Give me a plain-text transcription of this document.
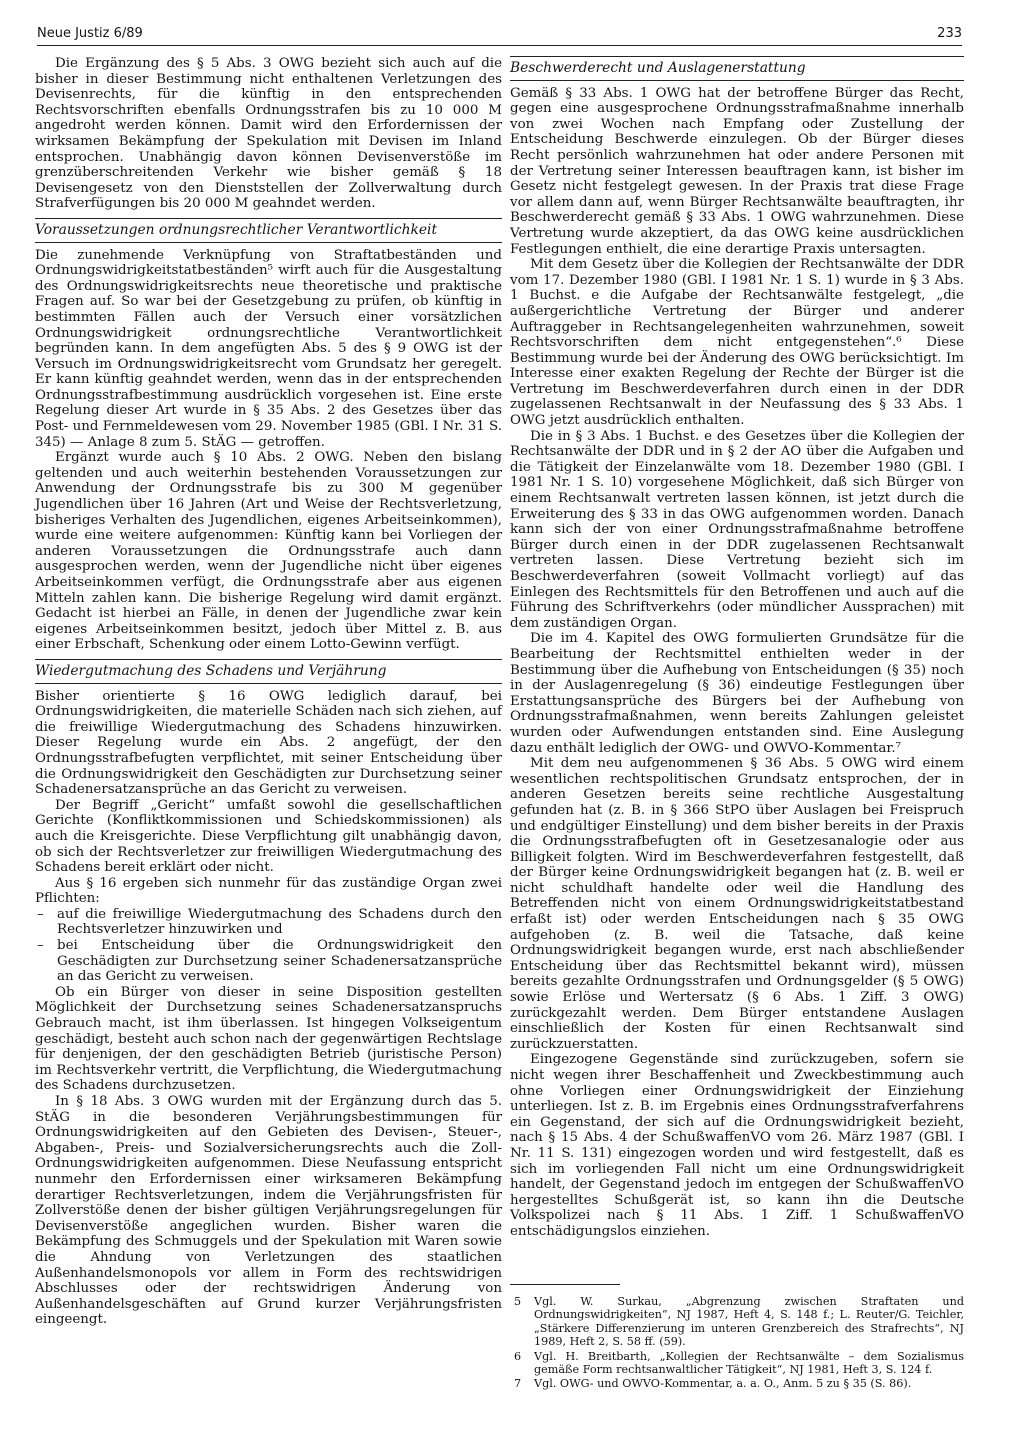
Neue Justiz 6/89	233

Die Ergänzung des § 5 Abs. 3 OWG bezieht sich auch auf die bisher in dieser Bestimmung nicht enthaltenen Verletzungen des Devisenrechts, für die künftig in den entsprechenden Rechtsvorschriften ebenfalls Ordnungsstrafen bis zu 10 000 M angedroht werden können. Damit wird den Erfordernissen der wirksamen Bekämpfung der Spekulation mit Devisen im Inland entsprochen. Unabhängig davon können Devisenverstöße im grenzüberschreitenden Verkehr wie bisher gemäß § 18 Devisengesetz von den Dienststellen der Zollverwaltung durch Strafverfügungen bis 20 000 M geahndet werden.

Voraussetzungen ordnungsrechtlicher Verantwortlichkeit

Die zunehmende Verknüpfung von Straftatbeständen und Ordnungswidrigkeitstatbeständen⁵ wirft auch für die Ausgestaltung des Ordnungswidrigkeitsrechts neue theoretische und praktische Fragen auf. So war bei der Gesetzgebung zu prüfen, ob künftig in bestimmten Fällen auch der Versuch einer vorsätzlichen Ordnungswidrigkeit ordnungsrechtliche Verantwortlichkeit begründen kann. In dem angefügten Abs. 5 des § 9 OWG ist der Versuch im Ordnungswidrigkeitsrecht vom Grundsatz her geregelt. Er kann künftig geahndet werden, wenn das in der entsprechenden Ordnungsstrafbestimmung ausdrücklich vorgesehen ist. Eine erste Regelung dieser Art wurde in § 35 Abs. 2 des Gesetzes über das Post- und Fernmeldewesen vom 29. November 1985 (GBl. I Nr. 31 S. 345) — Anlage 8 zum 5. StÄG — getroffen.

Ergänzt wurde auch § 10 Abs. 2 OWG. Neben den bislang geltenden und auch weiterhin bestehenden Voraussetzungen zur Anwendung der Ordnungsstrafe bis zu 300 M gegenüber Jugendlichen über 16 Jahren (Art und Weise der Rechtsverletzung, bisheriges Verhalten des Jugendlichen, eigenes Arbeitseinkommen), wurde eine weitere aufgenommen: Künftig kann bei Vorliegen der anderen Voraussetzungen die Ordnungsstrafe auch dann ausgesprochen werden, wenn der Jugendliche nicht über eigenes Arbeitseinkommen verfügt, die Ordnungsstrafe aber aus eigenen Mitteln zahlen kann. Die bisherige Regelung wird damit ergänzt. Gedacht ist hierbei an Fälle, in denen der Jugendliche zwar kein eigenes Arbeitseinkommen besitzt, jedoch über Mittel z. B. aus einer Erbschaft, Schenkung oder einem Lotto-Gewinn verfügt.

Wiedergutmachung des Schadens und Verjährung

Bisher orientierte § 16 OWG lediglich darauf, bei Ordnungswidrigkeiten, die materielle Schäden nach sich ziehen, auf die freiwillige Wiedergutmachung des Schadens hinzuwirken. Dieser Regelung wurde ein Abs. 2 angefügt, der den Ordnungsstrafbefugten verpflichtet, mit seiner Entscheidung über die Ordnungswidrigkeit den Geschädigten zur Durchsetzung seiner Schadenersatzansprüche an das Gericht zu verweisen.

Der Begriff „Gericht“ umfaßt sowohl die gesellschaftlichen Gerichte (Konfliktkommissionen und Schiedskommissionen) als auch die Kreisgerichte. Diese Verpflichtung gilt unabhängig davon, ob sich der Rechtsverletzer zur freiwilligen Wiedergutmachung des Schadens bereit erklärt oder nicht.

Aus § 16 ergeben sich nunmehr für das zuständige Organ zwei Pflichten:

– auf die freiwillige Wiedergutmachung des Schadens durch den Rechtsverletzer hinzuwirken und
– bei Entscheidung über die Ordnungswidrigkeit den Geschädigten zur Durchsetzung seiner Schadenersatzansprüche an das Gericht zu verweisen.

Ob ein Bürger von dieser in seine Disposition gestellten Möglichkeit der Durchsetzung seines Schadenersatzanspruchs Gebrauch macht, ist ihm überlassen. Ist hingegen Volkseigentum geschädigt, besteht auch schon nach der gegenwärtigen Rechtslage für denjenigen, der den geschädigten Betrieb (juristische Person) im Rechtsverkehr vertritt, die Verpflichtung, die Wiedergutmachung des Schadens durchzusetzen.

In § 18 Abs. 3 OWG wurden mit der Ergänzung durch das 5. StÄG in die besonderen Verjährungsbestimmungen für Ordnungswidrigkeiten auf den Gebieten des Devisen-, Steuer-, Abgaben-, Preis- und Sozialversicherungsrechts auch die Zoll-Ordnungswidrigkeiten aufgenommen. Diese Neufassung entspricht nunmehr den Erfordernissen einer wirksameren Bekämpfung derartiger Rechtsverletzungen, indem die Verjährungsfristen für Zollverstöße denen der bisher gültigen Verjährungsregelungen für Devisenverstöße angeglichen wurden. Bisher waren die Bekämpfung des Schmuggels und der Spekulation mit Waren sowie die Ahndung von Verletzungen des staatlichen Außenhandelsmonopols vor allem in Form des rechtswidrigen Abschlusses oder der rechtswidrigen Änderung von Außenhandelsgeschäften auf Grund kurzer Verjährungsfristen eingeengt.

Beschwerderecht und Auslagenerstattung

Gemäß § 33 Abs. 1 OWG hat der betroffene Bürger das Recht, gegen eine ausgesprochene Ordnungsstrafmaßnahme innerhalb von zwei Wochen nach Empfang oder Zustellung der Entscheidung Beschwerde einzulegen. Ob der Bürger dieses Recht persönlich wahrzunehmen hat oder andere Personen mit der Vertretung seiner Interessen beauftragen kann, ist bisher im Gesetz nicht festgelegt gewesen. In der Praxis trat diese Frage vor allem dann auf, wenn Bürger Rechtsanwälte beauftragten, ihr Beschwerderecht gemäß § 33 Abs. 1 OWG wahrzunehmen. Diese Vertretung wurde akzeptiert, da das OWG keine ausdrücklichen Festlegungen enthielt, die eine derartige Praxis untersagten.

Mit dem Gesetz über die Kollegien der Rechtsanwälte der DDR vom 17. Dezember 1980 (GBl. I 1981 Nr. 1 S. 1) wurde in § 3 Abs. 1 Buchst. e die Aufgabe der Rechtsanwälte festgelegt, „die außergerichtliche Vertretung der Bürger und anderer Auftraggeber in Rechtsangelegenheiten wahrzunehmen, soweit Rechtsvorschriften dem nicht entgegenstehen“.⁶ Diese Bestimmung wurde bei der Änderung des OWG berücksichtigt. Im Interesse einer exakten Regelung der Rechte der Bürger ist die Vertretung im Beschwerdeverfahren durch einen in der DDR zugelassenen Rechtsanwalt in der Neufassung des § 33 Abs. 1 OWG jetzt ausdrücklich enthalten.

Die in § 3 Abs. 1 Buchst. e des Gesetzes über die Kollegien der Rechtsanwälte der DDR und in § 2 der AO über die Aufgaben und die Tätigkeit der Einzelanwälte vom 18. Dezember 1980 (GBl. I 1981 Nr. 1 S. 10) vorgesehene Möglichkeit, daß sich Bürger von einem Rechtsanwalt vertreten lassen können, ist jetzt durch die Erweiterung des § 33 in das OWG aufgenommen worden. Danach kann sich der von einer Ordnungsstrafmaßnahme betroffene Bürger durch einen in der DDR zugelassenen Rechtsanwalt vertreten lassen. Diese Vertretung bezieht sich im Beschwerdeverfahren (soweit Vollmacht vorliegt) auf das Einlegen des Rechtsmittels für den Betroffenen und auch auf die Führung des Schriftverkehrs (oder mündlicher Aussprachen) mit dem zuständigen Organ.

Die im 4. Kapitel des OWG formulierten Grundsätze für die Bearbeitung der Rechtsmittel enthielten weder in der Bestimmung über die Aufhebung von Entscheidungen (§ 35) noch in der Auslagenregelung (§ 36) eindeutige Festlegungen über Erstattungsansprüche des Bürgers bei der Aufhebung von Ordnungsstrafmaßnahmen, wenn bereits Zahlungen geleistet wurden oder Aufwendungen entstanden sind. Eine Auslegung dazu enthält lediglich der OWG- und OWVO-Kommentar.⁷

Mit dem neu aufgenommenen § 36 Abs. 5 OWG wird einem wesentlichen rechtspolitischen Grundsatz entsprochen, der in anderen Gesetzen bereits seine rechtliche Ausgestaltung gefunden hat (z. B. in § 366 StPO über Auslagen bei Freispruch und endgültiger Einstellung) und dem bisher bereits in der Praxis die Ordnungsstrafbefugten oft in Gesetzesanalogie oder aus Billigkeit folgten. Wird im Beschwerdeverfahren festgestellt, daß der Bürger keine Ordnungswidrigkeit begangen hat (z. B. weil er nicht schuldhaft handelte oder weil die Handlung des Betreffenden nicht von einem Ordnungswidrigkeitstatbestand erfaßt ist) oder werden Entscheidungen nach § 35 OWG aufgehoben (z. B. weil die Tatsache, daß keine Ordnungswidrigkeit begangen wurde, erst nach abschließender Entscheidung über das Rechtsmittel bekannt wird), müssen bereits gezahlte Ordnungsstrafen und Ordnungsgelder (§ 5 OWG) sowie Erlöse und Wertersatz (§ 6 Abs. 1 Ziff. 3 OWG) zurückgezahlt werden. Dem Bürger entstandene Auslagen einschließlich der Kosten für einen Rechtsanwalt sind zurückzuerstatten.

Eingezogene Gegenstände sind zurückzugeben, sofern sie nicht wegen ihrer Beschaffenheit und Zweckbestimmung auch ohne Vorliegen einer Ordnungswidrigkeit der Einziehung unterliegen. Ist z. B. im Ergebnis eines Ordnungsstrafverfahrens ein Gegenstand, der sich auf die Ordnungswidrigkeit bezieht, nach § 15 Abs. 4 der SchußwaffenVO vom 26. März 1987 (GBl. I Nr. 11 S. 131) eingezogen worden und wird festgestellt, daß es sich im vorliegenden Fall nicht um eine Ordnungswidrigkeit handelt, der Gegenstand jedoch im entgegen der SchußwaffenVO hergestelltes Schußgerät ist, so kann ihn die Deutsche Volkspolizei nach § 11 Abs. 1 Ziff. 1 SchußwaffenVO entschädigungslos einziehen.

5 Vgl. W. Surkau, „Abgrenzung zwischen Straftaten und Ordnungswidrigkeiten“, NJ 1987, Heft 4, S. 148 f.; L. Reuter/G. Teichler, „Stärkere Differenzierung im unteren Grenzbereich des Strafrechts“, NJ 1989, Heft 2, S. 58 ff. (59).
6 Vgl. H. Breitbarth, „Kollegien der Rechtsanwälte – dem Sozialismus gemäße Form rechtsanwaltlicher Tätigkeit“, NJ 1981, Heft 3, S. 124 f.
7 Vgl. OWG- und OWVO-Kommentar, a. a. O., Anm. 5 zu § 35 (S. 86).
